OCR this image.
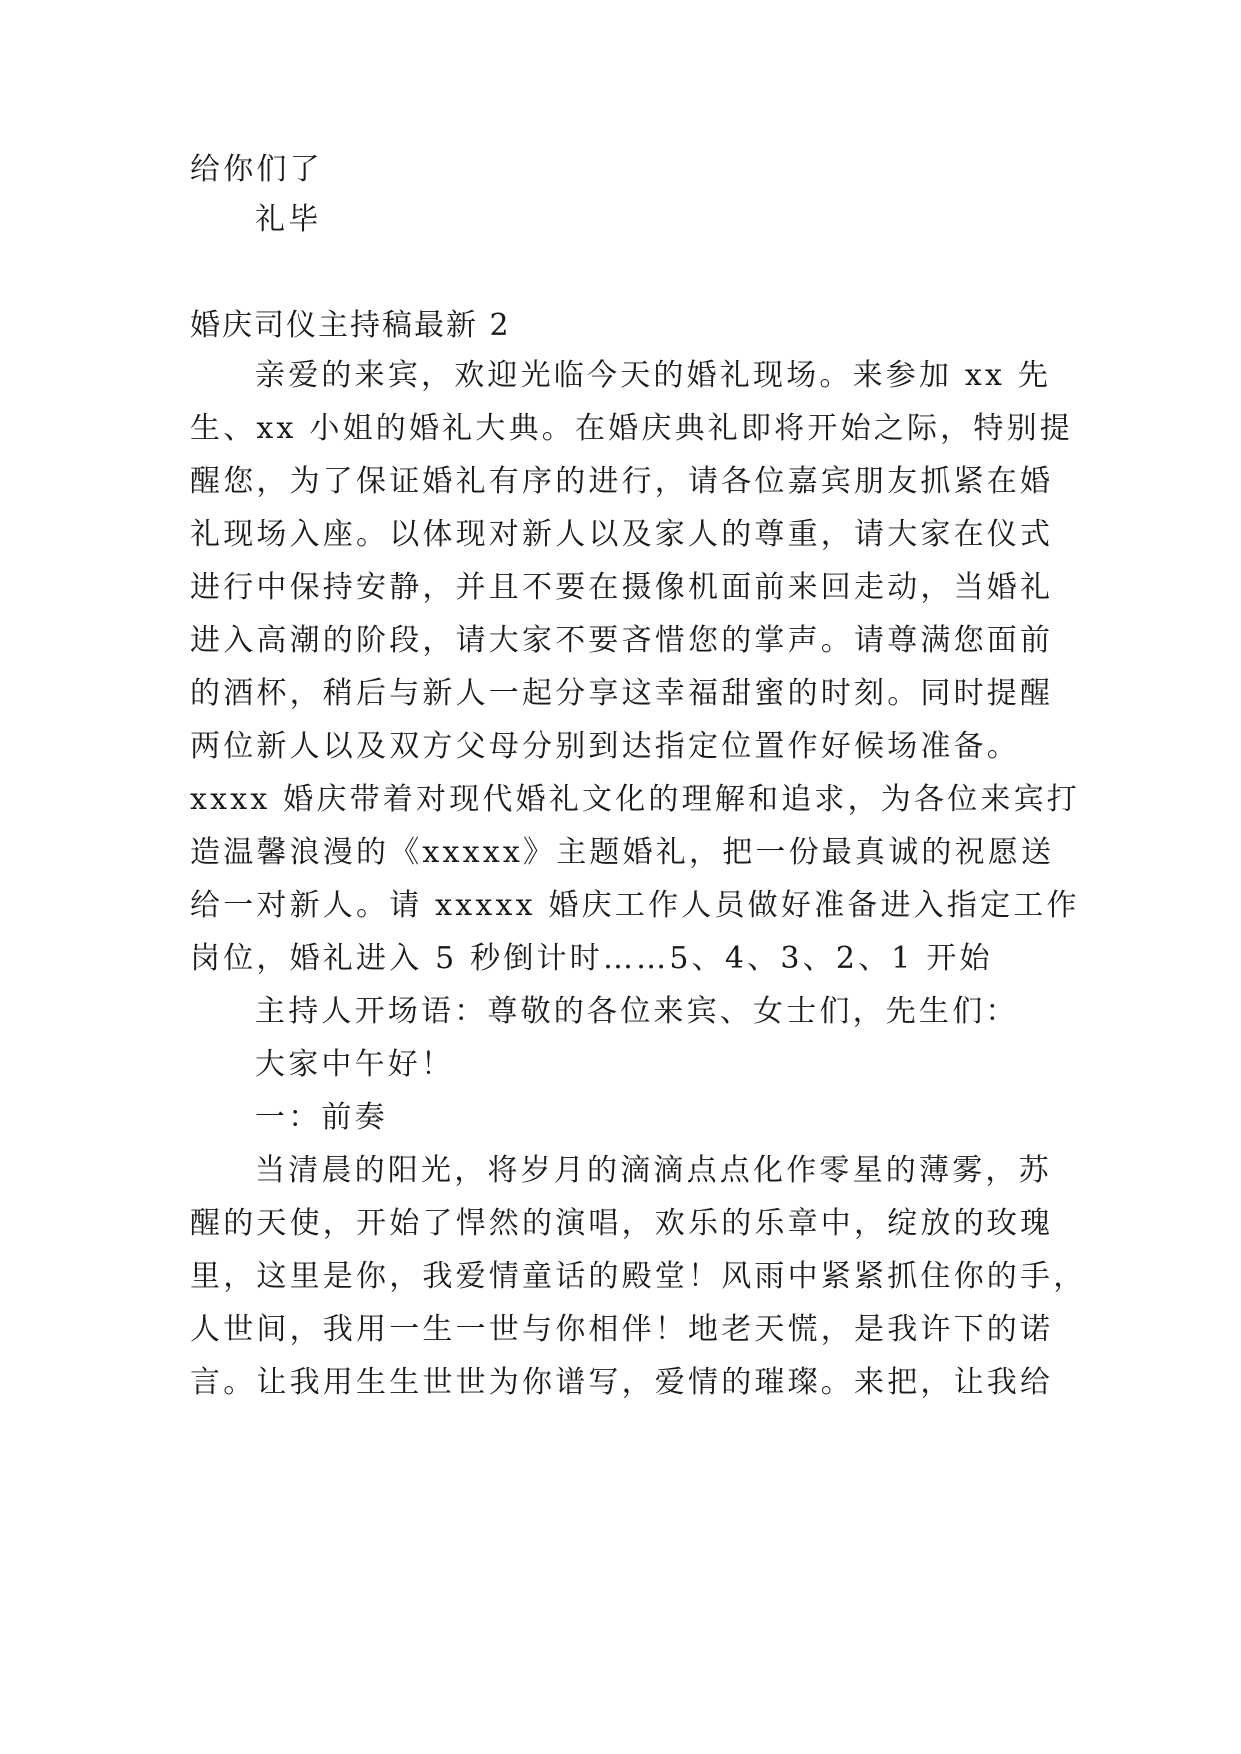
给你们了
礼毕
婚庆司仪主持稿最新 2
亲爱的来宾，欢迎光临今天的婚礼现场。来参加 xx 先
生、xx 小姐的婚礼大典。在婚庆典礼即将开始之际，特别提
醒您，为了保证婚礼有序的进行，请各位嘉宾朋友抓紧在婚
礼现场入座。以体现对新人以及家人的尊重，请大家在仪式
进行中保持安静，并且不要在摄像机面前来回走动，当婚礼
进入高潮的阶段，请大家不要吝惜您的掌声。请尊满您面前
的酒杯，稍后与新人一起分享这幸福甜蜜的时刻。同时提醒
两位新人以及双方父母分别到达指定位置作好候场准备。
xxxx 婚庆带着对现代婚礼文化的理解和追求，为各位来宾打
造温馨浪漫的《xxxxx》主题婚礼，把一份最真诚的祝愿送
给一对新人。请 xxxxx 婚庆工作人员做好准备进入指定工作
岗位，婚礼进入 5 秒倒计时……5、4、3、2、1 开始
主持人开场语：尊敬的各位来宾、女士们，先生们：
大家中午好！
一：前奏
当清晨的阳光，将岁月的滴滴点点化作零星的薄雾，苏
醒的天使，开始了悍然的演唱，欢乐的乐章中，绽放的玫瑰
里，这里是你，我爱情童话的殿堂！风雨中紧紧抓住你的手，
人世间，我用一生一世与你相伴！地老天慌，是我许下的诺
言。让我用生生世世为你谱写，爱情的璀璨。来把，让我给
